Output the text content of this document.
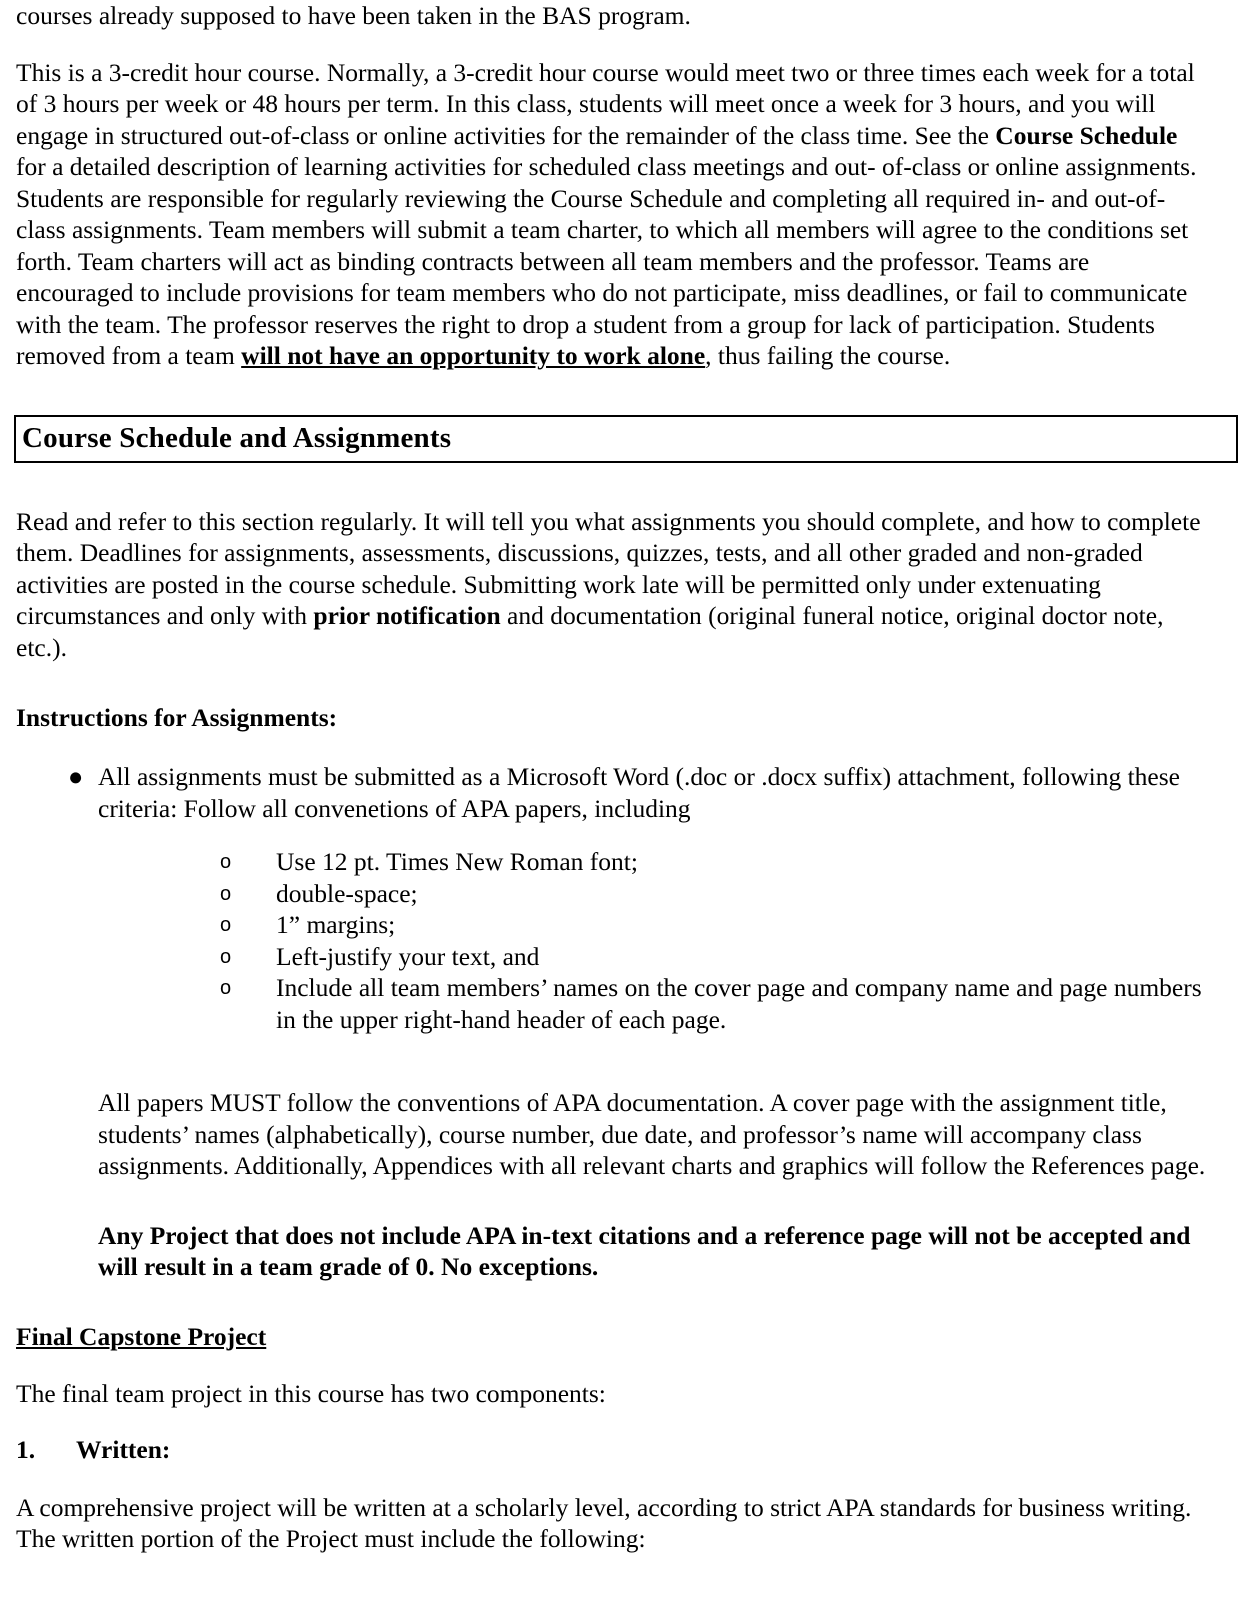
courses already supposed to have been taken in the BAS program.

This is a 3-credit hour course. Normally, a 3-credit hour course would meet two or three times each week for a total of 3 hours per week or 48 hours per term. In this class, students will meet once a week for 3 hours, and you will engage in structured out-of-class or online activities for the remainder of the class time. See the Course Schedule for a detailed description of learning activities for scheduled class meetings and out- of-class or online assignments. Students are responsible for regularly reviewing the Course Schedule and completing all required in- and out-of-class assignments. Team members will submit a team charter, to which all members will agree to the conditions set forth. Team charters will act as binding contracts between all team members and the professor. Teams are encouraged to include provisions for team members who do not participate, miss deadlines, or fail to communicate with the team. The professor reserves the right to drop a student from a group for lack of participation. Students removed from a team will not have an opportunity to work alone, thus failing the course.

Course Schedule and Assignments

Read and refer to this section regularly. It will tell you what assignments you should complete, and how to complete them. Deadlines for assignments, assessments, discussions, quizzes, tests, and all other graded and non-graded activities are posted in the course schedule. Submitting work late will be permitted only under extenuating circumstances and only with prior notification and documentation (original funeral notice, original doctor note, etc.).

Instructions for Assignments:
● All assignments must be submitted as a Microsoft Word (.doc or .docx suffix) attachment, following these criteria: Follow all convenetions of APA papers, including
o Use 12 pt. Times New Roman font;
o double-space;
o 1” margins;
o Left-justify your text, and
o Include all team members’ names on the cover page and company name and page numbers in the upper right-hand header of each page.

All papers MUST follow the conventions of APA documentation. A cover page with the assignment title, students’ names (alphabetically), course number, due date, and professor’s name will accompany class assignments. Additionally, Appendices with all relevant charts and graphics will follow the References page.

Any Project that does not include APA in-text citations and a reference page will not be accepted and will result in a team grade of 0. No exceptions.

Final Capstone Project

The final team project in this course has two components:

1. Written:

A comprehensive project will be written at a scholarly level, according to strict APA standards for business writing. The written portion of the Project must include the following:
